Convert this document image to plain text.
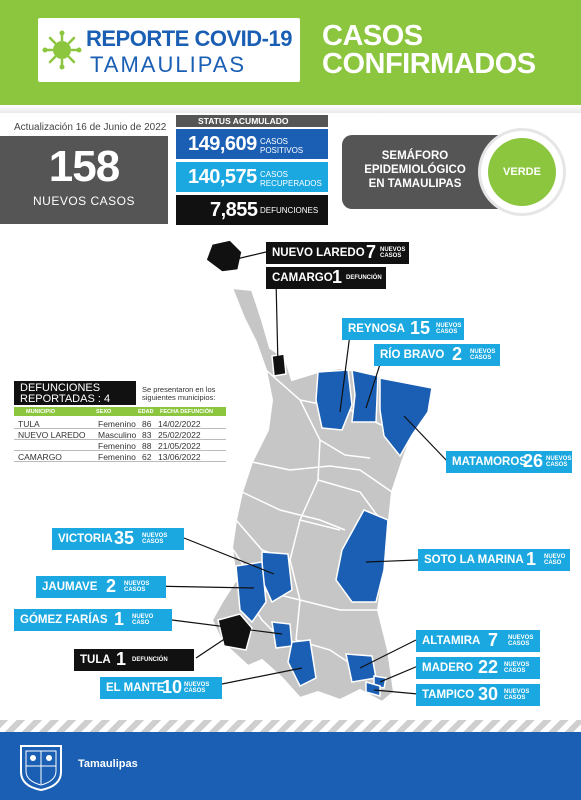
REPORTE COVID-19
TAMAULIPAS
CASOS
CONFIRMADOS
Actualización 16 de Junio de 2022
158
NUEVOS CASOS
STATUS ACUMULADO
149,609 CASOS
POSITIVOS
140,575 CASOS
RECUPERADOS
7,855 DEFUNCIONES
SEMÁFORO
EPIDEMIOLÓGICO
EN TAMAULIPAS
VERDE
NUEVO LAREDO 7 NUEVOS
CASOS
CAMARGO 1 DEFUNCIÓN
REYNOSA 15 NUEVOS
CASOS
RÍO BRAVO 2 NUEVOS
CASOS
MATAMOROS
26 NUEVOS
CASOS
VICTORIA 35 NUEVOS
CASOS
SOTO LA MARINA 1 NUEVO
CASO
JAUMAVE 2 NUEVOS
CASOS
GÓMEZ FARÍAS 1 NUEVO
CASO
TULA 1 DEFUNCIÓN
EL MANTE
10 NUEVOS
CASOS
ALTAMIRA 7 NUEVOS
CASOS
MADERO 22 NUEVOS
CASOS
TAMPICO 30 NUEVOS
CASOS
DEFUNCIONES
REPORTADAS : 4
Se presentaron en los siguientes municipios:
MUNICIPIO	SEXO	EDAD FECHA DEFUNCIÓN
TULA	Femenino 86 14/02/2022
NUEVO LAREDO Masculino 83 25/02/2022
Femenino 88 21/05/2022
CAMARGO	Femenino 62 13/06/2022
Tamaulipas
